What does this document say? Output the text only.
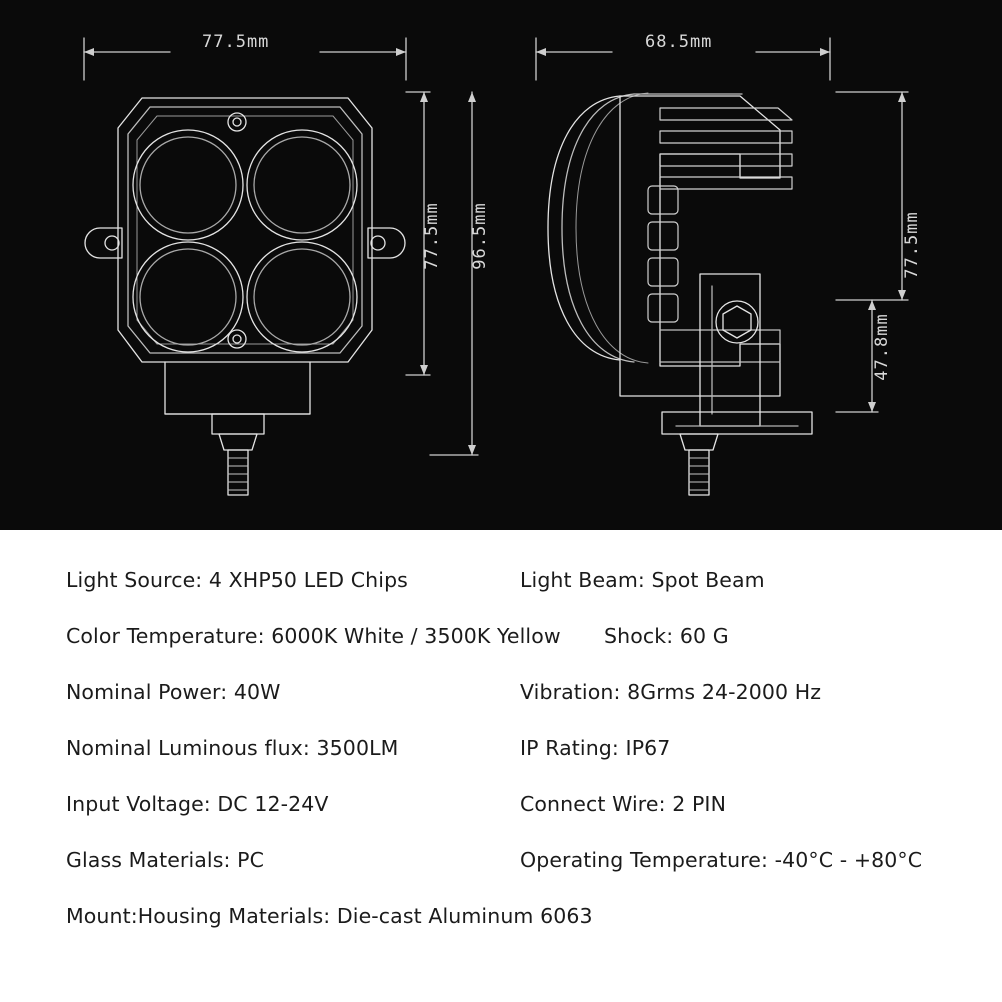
77.5mm	68.5mm
77.5mm 96.5mm	77.5mm
47.8mm
Light Source: 4 XHP50 LED Chips	Light Beam: Spot Beam
Color Temperature: 6000K White / 3500K Yellow Shock: 60 G
Nominal Power: 40W	Vibration: 8Grms 24-2000 Hz
Nominal Luminous flux: 3500LM	IP Rating: IP67
Input Voltage: DC 12-24V	Connect Wire: 2 PIN
Glass Materials: PC	Operating Temperature: -40°C - +80°C
Mount:Housing Materials: Die-cast Aluminum 6063
